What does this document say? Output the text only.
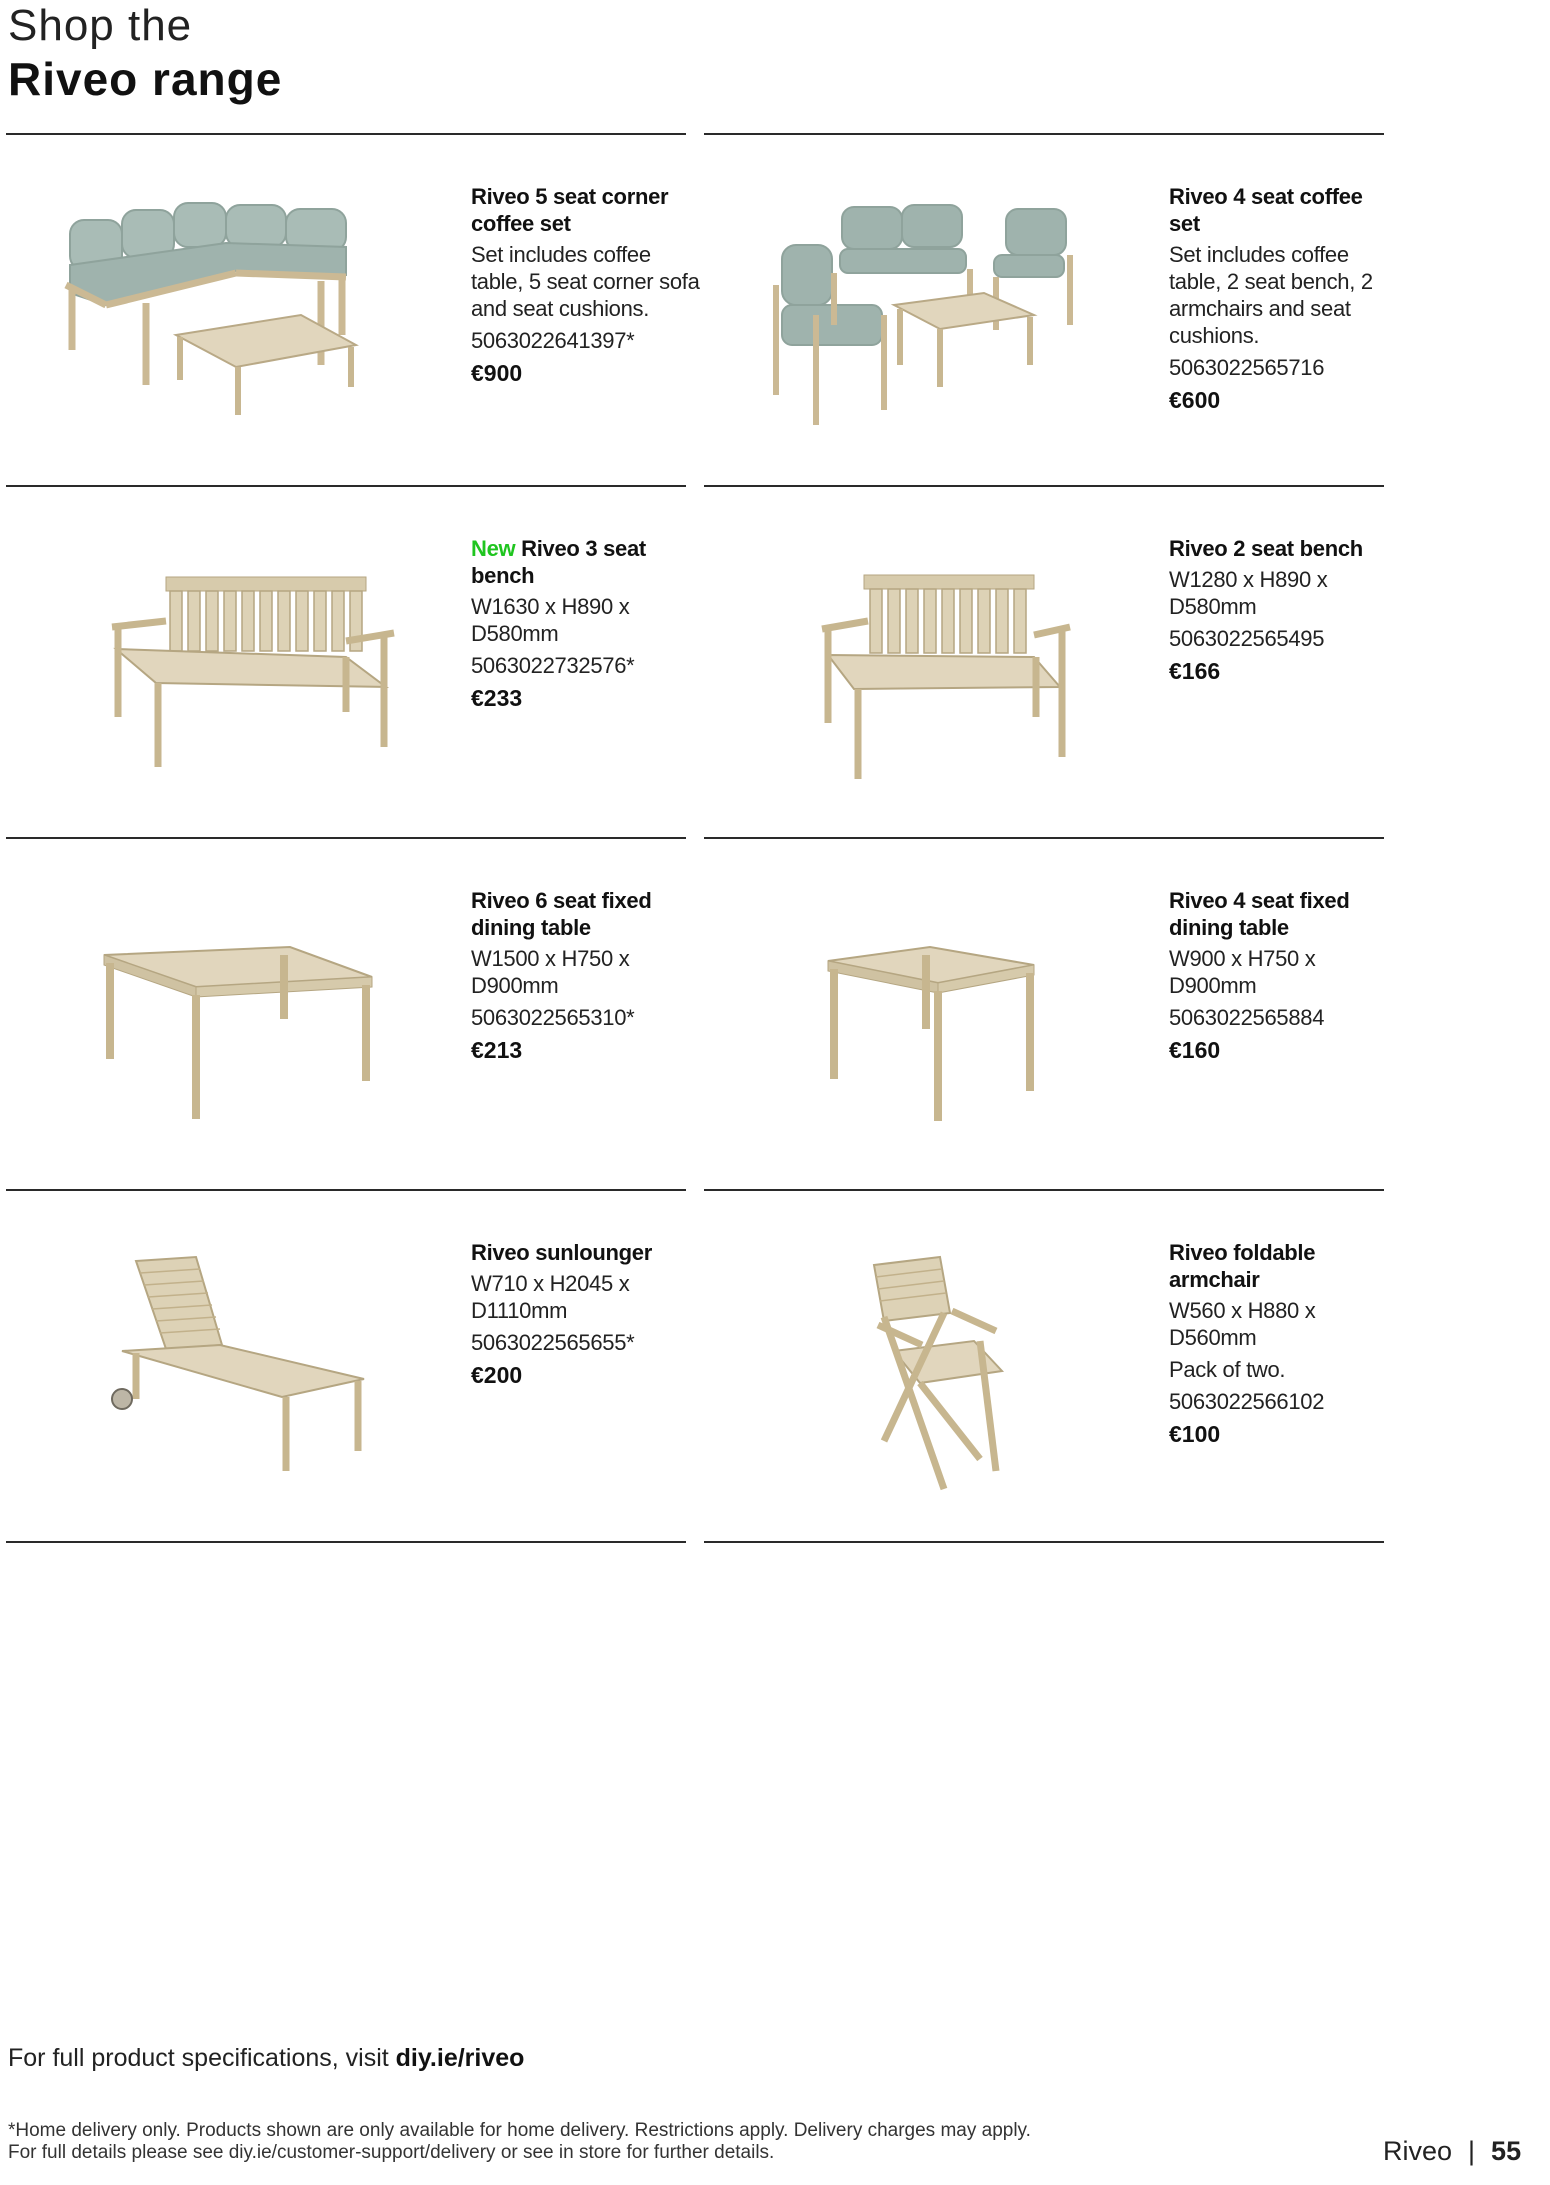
Shop the
Riveo range
Riveo 5 seat corner coffee set
Set includes coffee table, 5 seat corner sofa and seat cushions.
5063022641397*
€900
Riveo 4 seat coffee set
Set includes coffee table, 2 seat bench, 2 armchairs and seat cushions.
5063022565716
€600
New Riveo 3 seat bench
W1630 x H890 x D580mm
5063022732576*
€233
Riveo 2 seat bench
W1280 x H890 x D580mm
5063022565495
€166
Riveo 6 seat fixed dining table
W1500 x H750 x D900mm
5063022565310*
€213
Riveo 4 seat fixed dining table
W900 x H750 x D900mm
5063022565884
€160
Riveo sunlounger
W710 x H2045 x D1110mm
5063022565655*
€200
Riveo foldable armchair
W560 x H880 x D560mm
Pack of two.
5063022566102
€100
For full product specifications, visit diy.ie/riveo
*Home delivery only. Products shown are only available for home delivery. Restrictions apply. Delivery charges may apply.
For full details please see diy.ie/customer-support/delivery or see in store for further details.	Riveo | 55
